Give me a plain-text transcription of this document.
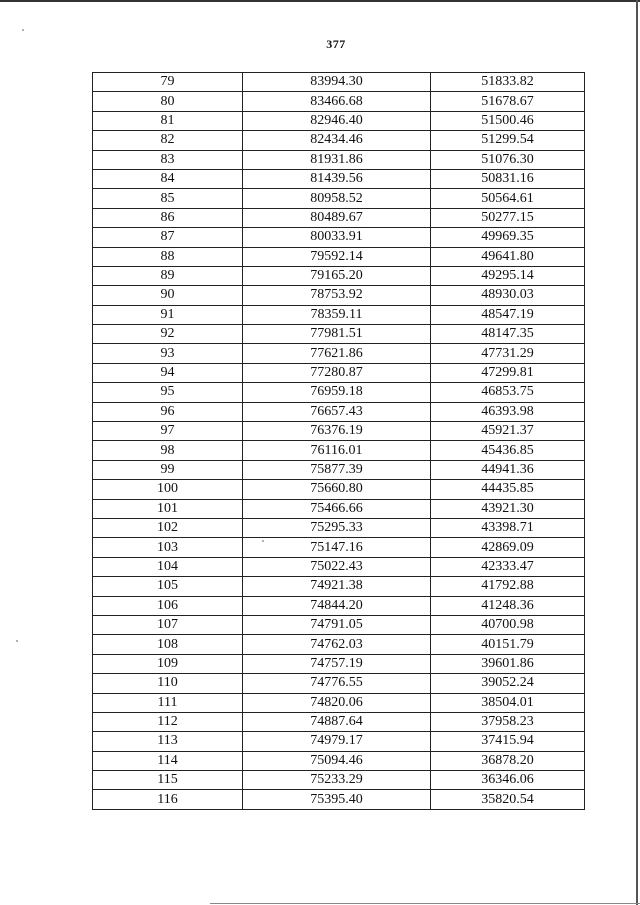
377
79	83994.30	51833.82
80	83466.68	51678.67
81	82946.40	51500.46
82	82434.46	51299.54
83	81931.86	51076.30
84	81439.56	50831.16
85	80958.52	50564.61
86	80489.67	50277.15
87	80033.91	49969.35
88	79592.14	49641.80
89	79165.20	49295.14
90	78753.92	48930.03
91	78359.11	48547.19
92	77981.51	48147.35
93	77621.86	47731.29
94	77280.87	47299.81
95	76959.18	46853.75
96	76657.43	46393.98
97	76376.19	45921.37
98	76116.01	45436.85
99	75877.39	44941.36
100	75660.80	44435.85
101	75466.66	43921.30
102	75295.33	43398.71
103	75147.16	42869.09
104	75022.43	42333.47
105	74921.38	41792.88
106	74844.20	41248.36
107	74791.05	40700.98
108	74762.03	40151.79
109	74757.19	39601.86
110	74776.55	39052.24
111	74820.06	38504.01
112	74887.64	37958.23
113	74979.17	37415.94
114	75094.46	36878.20
115	75233.29	36346.06
116	75395.40	35820.54
